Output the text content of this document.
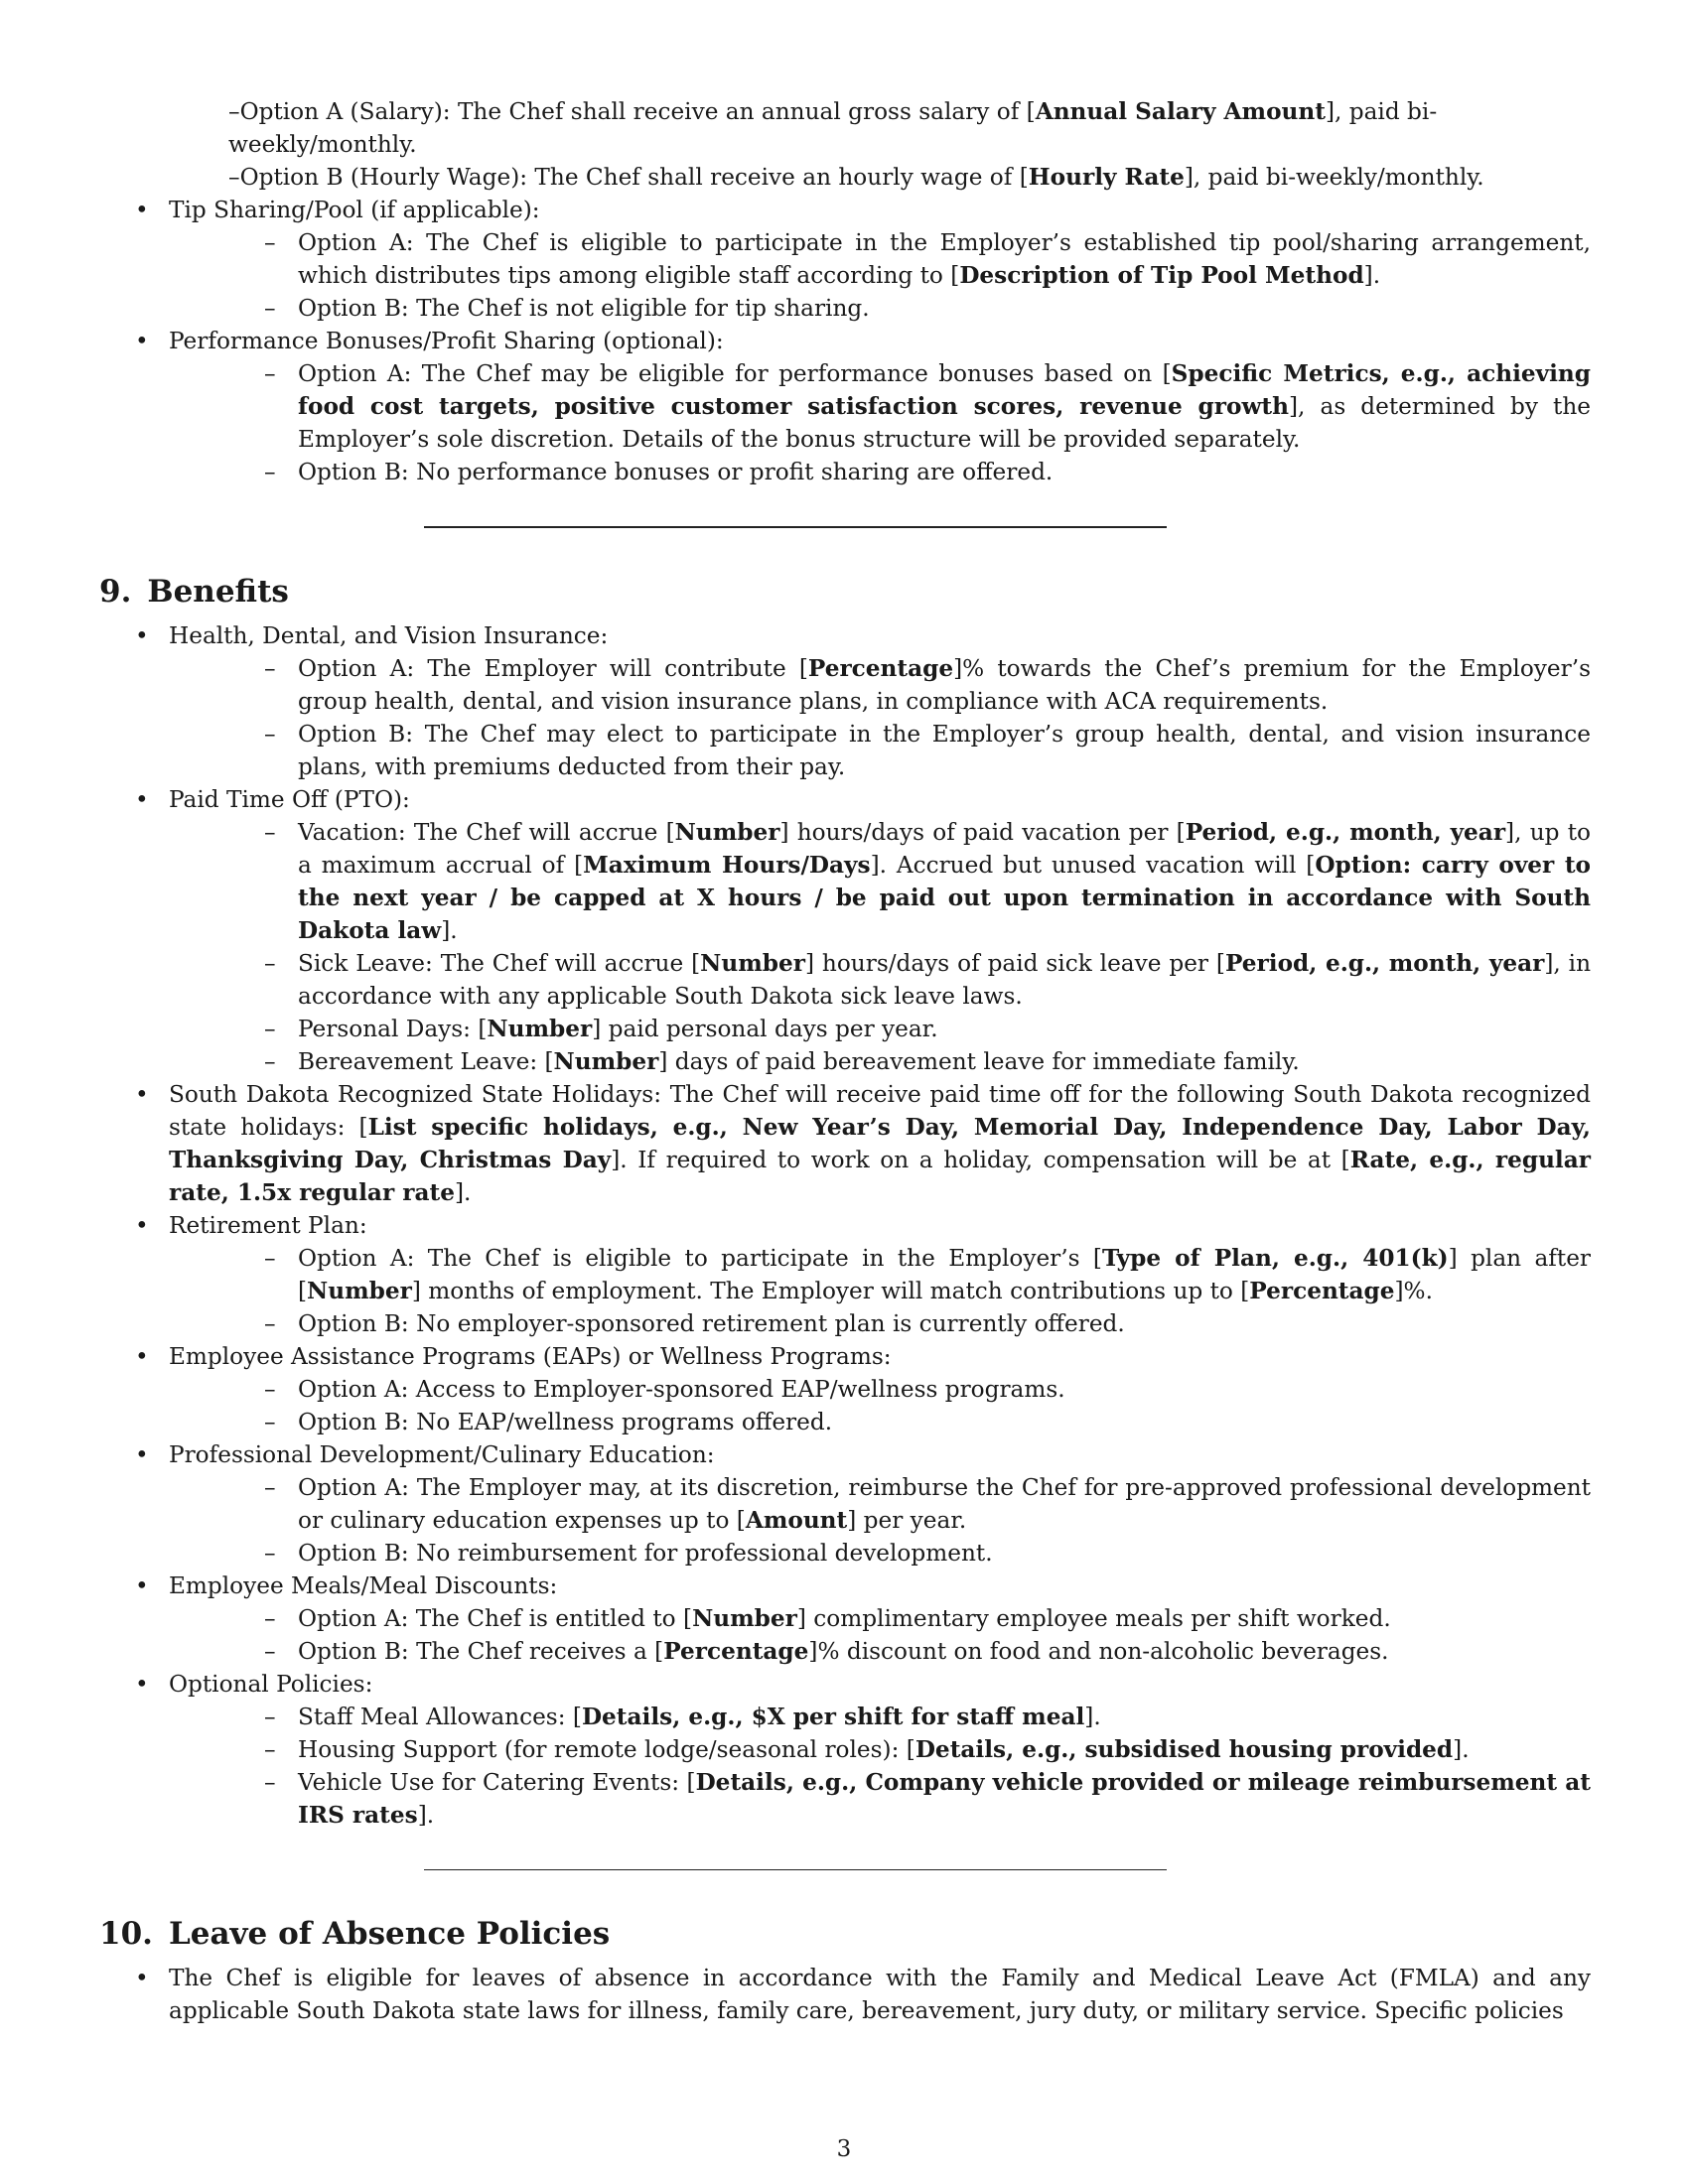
– Option A (Salary): The Chef shall receive an annual gross salary of [Annual Salary Amount], paid bi-weekly/monthly.
– Option B (Hourly Wage): The Chef shall receive an hourly wage of [Hourly Rate], paid bi-weekly/monthly.
• Tip Sharing/Pool (if applicable):
– Option A: The Chef is eligible to participate in the Employer’s established tip pool/sharing arrangement, which distributes tips among eligible staff according to [Description of Tip Pool Method].
– Option B: The Chef is not eligible for tip sharing.
• Performance Bonuses/Profit Sharing (optional):
– Option A: The Chef may be eligible for performance bonuses based on [Specific Metrics, e.g., achieving food cost targets, positive customer satisfaction scores, revenue growth], as determined by the Employer’s sole discretion. Details of the bonus structure will be provided separately.
– Option B: No performance bonuses or profit sharing are offered.
9. Benefits
• Health, Dental, and Vision Insurance:
– Option A: The Employer will contribute [Percentage]% towards the Chef’s premium for the Employer’s group health, dental, and vision insurance plans, in compliance with ACA requirements.
– Option B: The Chef may elect to participate in the Employer’s group health, dental, and vision insurance plans, with premiums deducted from their pay.
• Paid Time Off (PTO):
– Vacation: The Chef will accrue [Number] hours/days of paid vacation per [Period, e.g., month, year], up to a maximum accrual of [Maximum Hours/Days]. Accrued but unused vacation will [Option: carry over to the next year / be capped at X hours / be paid out upon termination in accordance with South Dakota law].
– Sick Leave: The Chef will accrue [Number] hours/days of paid sick leave per [Period, e.g., month, year], in accordance with any applicable South Dakota sick leave laws.
– Personal Days: [Number] paid personal days per year.
– Bereavement Leave: [Number] days of paid bereavement leave for immediate family.
• South Dakota Recognized State Holidays: The Chef will receive paid time off for the following South Dakota recognized state holidays: [List specific holidays, e.g., New Year’s Day, Memorial Day, Independence Day, Labor Day, Thanksgiving Day, Christmas Day]. If required to work on a holiday, compensation will be at [Rate, e.g., regular rate, 1.5x regular rate].
• Retirement Plan:
– Option A: The Chef is eligible to participate in the Employer’s [Type of Plan, e.g., 401(k)] plan after [Number] months of employment. The Employer will match contributions up to [Percentage]%.
– Option B: No employer-sponsored retirement plan is currently offered.
• Employee Assistance Programs (EAPs) or Wellness Programs:
– Option A: Access to Employer-sponsored EAP/wellness programs.
– Option B: No EAP/wellness programs offered.
• Professional Development/Culinary Education:
– Option A: The Employer may, at its discretion, reimburse the Chef for pre-approved professional development or culinary education expenses up to [Amount] per year.
– Option B: No reimbursement for professional development.
• Employee Meals/Meal Discounts:
– Option A: The Chef is entitled to [Number] complimentary employee meals per shift worked.
– Option B: The Chef receives a [Percentage]% discount on food and non-alcoholic beverages.
• Optional Policies:
– Staff Meal Allowances: [Details, e.g., $X per shift for staff meal].
– Housing Support (for remote lodge/seasonal roles): [Details, e.g., subsidised housing provided].
– Vehicle Use for Catering Events: [Details, e.g., Company vehicle provided or mileage reimbursement at IRS rates].
10. Leave of Absence Policies
• The Chef is eligible for leaves of absence in accordance with the Family and Medical Leave Act (FMLA) and any applicable South Dakota state laws for illness, family care, bereavement, jury duty, or military service. Specific policies
3
